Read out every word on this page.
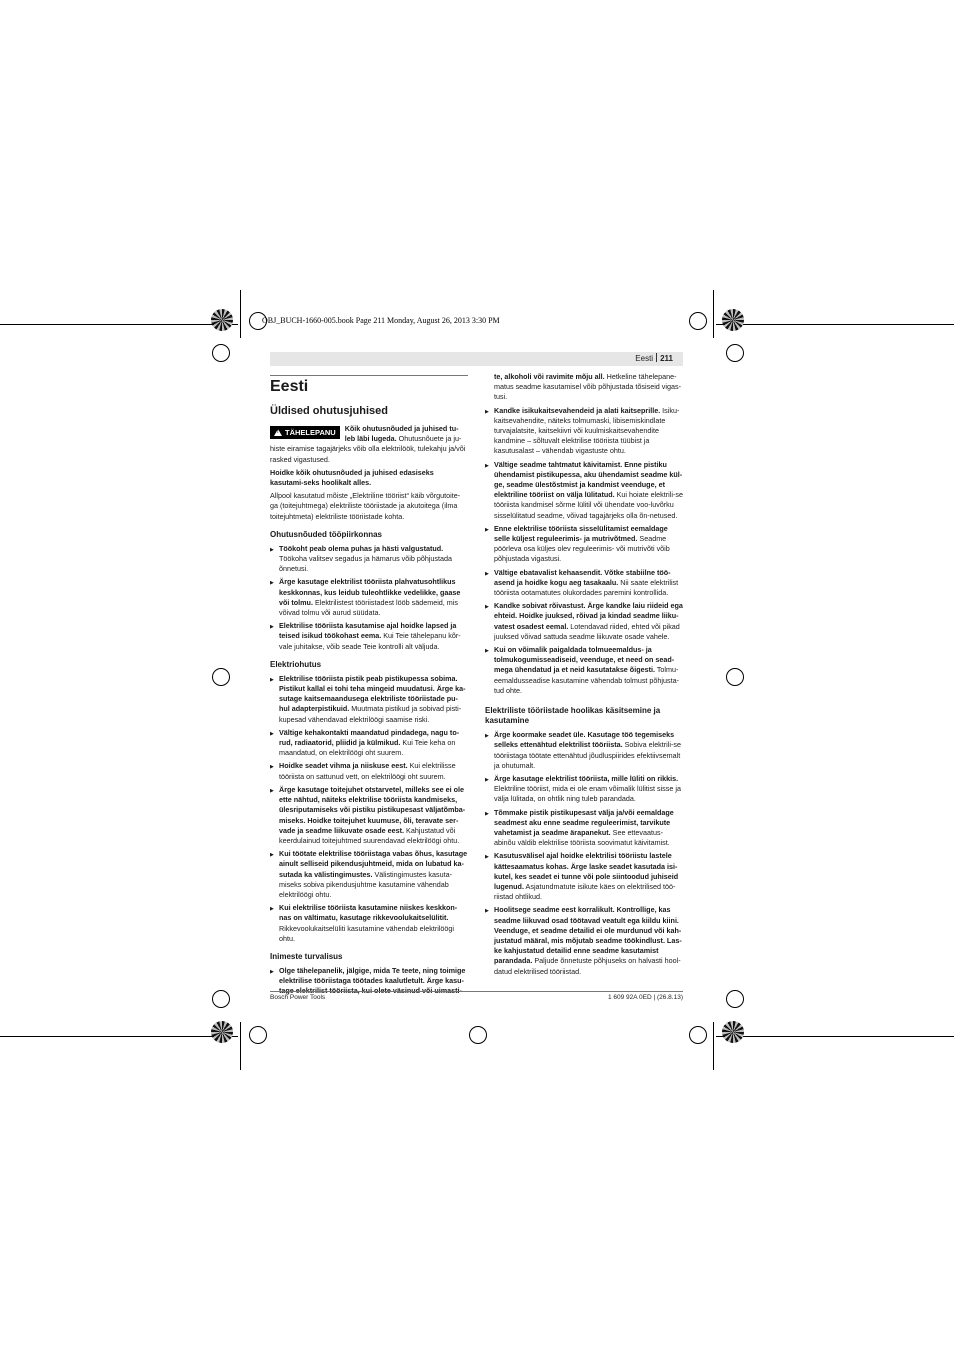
OBJ_BUCH-1660-005.book Page 211 Monday, August 26, 2013 3:30 PM
Eesti 211
Eesti
Üldised ohutusjuhised

!TÄHELEPANU	Kõik ohutusnõuded ja juhised tu-leb läbi lugeda. Ohutusnõuete ja ju-histe eiramise tagajärjeks võib olla elektrilöök, tulekahju ja/või rasked vigastused.

Hoidke kõik ohutusnõuded ja juhised edasiseks kasutami-seks hoolikalt alles.

Allpool kasutatud mõiste „Elektriline tööriist“ käib võrgutoite-ga (toitejuhtmega) elektriliste tööriistade ja akutoitega (ilma toitejuhtmeta) elektriliste tööriistade kohta.

Ohutusnõuded tööpiirkonnas
▶ Töökoht peab olema puhas ja hästi valgustatud. Töökoha valitsev segadus ja hämarus võib põhjustada õnnetusi.
▶ Ärge kasutage elektrilist tööriista plahvatusohtlikus keskkonnas, kus leidub tuleohtlikke vedelikke, gaase või tolmu. Elektrilistest tööriistadest lööb sädemeid, mis võivad tolmu või aurud süüdata.
▶ Elektrilise tööriista kasutamise ajal hoidke lapsed ja teised isikud töökohast eema. Kui Teie tähelepanu kõr-vale juhitakse, võib seade Teie kontrolli alt väljuda.
Elektriohutus
▶ Elektrilise tööriista pistik peab pistikupessa sobima. Pistikut kallal ei tohi teha mingeid muudatusi. Ärge ka-sutage kaitsemaandusega elektriliste tööriistade pu-hul adapterpistikuid. Muutmata pistikud ja sobivad pisti-kupesad vähendavad elektrilöögi saamise riski.
▶ Vältige kehakontakti maandatud pindadega, nagu to-rud, radiaatorid, pliidid ja külmikud. Kui Teie keha on maandatud, on elektrilöögi oht suurem.
▶ Hoidke seadet vihma ja niiskuse eest. Kui elektrilisse tööriista on sattunud vett, on elektrilöögi oht suurem.
▶ Ärge kasutage toitejuhet otstarvetel, milleks see ei ole ette nähtud, näiteks elektrilise tööriista kandmiseks, ülesriputamiseks või pistiku pistikupesast väljatõmba-miseks. Hoidke toitejuhet kuumuse, õli, teravate ser-vade ja seadme liikuvate osade eest. Kahjustatud või keerdulainud toitejuhtmed suurendavad elektrilöögi ohtu.
▶ Kui töötate elektrilise tööriistaga vabas õhus, kasutage ainult selliseid pikendusjuhtmeid, mida on lubatud ka-sutada ka välistingimustes. Välistingimustes kasuta-miseks sobiva pikendusjuhtme kasutamine vähendab elektrilöögi ohtu.
▶ Kui elektrilise tööriista kasutamine niiskes keskkon-nas on vältimatu, kasutage rikkevoolukaitselülitit. Rikkevoolukaitselüliti kasutamine vähendab elektrilöögi ohtu.
Inimeste turvalisus
▶ Olge tähelepanelik, jälgige, mida Te teete, ning toimige elektrilise tööriistaga töötades kaalutletult. Ärge kasu-

te, alkoholi või ravimite mõju all. Hetkeline tähelepane-matus seadme kasutamisel võib põhjustada tõsiseid vigas-tusi.

▶ Kandke isikukaitsevahendeid ja alati kaitseprille. Isiku-kaitsevahendite, näiteks tolmumaski, libisemiskindlate turvajalatsite, kaitsekiivri või kuulmiskaitsevahendite kandmine – sõltuvalt elektrilise tööriista tüübist ja kasutusalast – vähendab vigastuste ohtu.
▶ Vältige seadme tahtmatut käivitamist. Enne pistiku ühendamist pistikupessa, aku ühendamist seadme kül-ge, seadme ülestõstmist ja kandmist veenduge, et elektriline tööriist on välja lülitatud. Kui hoiate elektrili-se tööriista kandmisel sõrme lülitil või ühendate voo-luvõrku sisselülitatud seadme, võivad tagajärjeks olla õn-netused.
▶ Enne elektrilise tööriista sisselülitamist eemaldage selle küljest reguleerimis- ja mutrivõtmed. Seadme pöörleva osa küljes olev reguleerimis- või mutrivõti võib põhjustada vigastusi.
▶ Vältige ebatavalist kehaasendit. Võtke stabiilne töö-asend ja hoidke kogu aeg tasakaalu. Nii saate elektrilist tööriista ootamatutes olukordades paremini kontrollida.
▶ Kandke sobivat rõivastust. Ärge kandke laiu riideid ega ehteid. Hoidke juuksed, rõivad ja kindad seadme liiku-vatest osadest eemal. Lotendavad riided, ehted või pikad juuksed võivad sattuda seadme liikuvate osade vahele.
▶ Kui on võimalik paigaldada tolmueemaldus- ja tolmukogumisseadiseid, veenduge, et need on sead-mega ühendatud ja et neid kasutatakse õigesti. Tolmu-eemaldusseadise kasutamine vähendab tolmust põhjusta-tud ohte.
Elektriliste tööriistade hoolikas käsitsemine ja kasutamine
▶ Ärge koormake seadet üle. Kasutage töö tegemiseks selleks ettenähtud elektrilist tööriista. Sobiva elektrili-se tööriistaga töötate ettenähtud jõudluspiirides efektiivsemalt ja ohutumalt.
▶ Ärge kasutage elektrilist tööriista, mille lüliti on rikkis. Elektriline tööriist, mida ei ole enam võimalik lülitist sisse ja välja lülitada, on ohtlik ning tuleb parandada.
▶ Tõmmake pistik pistikupesast välja ja/või eemaldage seadmest aku enne seadme reguleerimist, tarvikute vahetamist ja seadme ärapanekut. See ettevaatus-abinõu väldib elektrilise tööriista soovimatut käivitamist.
▶ Kasutusvälisel ajal hoidke elektrilisi tööriistu lastele kättesaamatus kohas. Ärge laske seadet kasutada isi-kutel, kes seadet ei tunne või pole siintoodud juhiseid lugenud. Asjatundmatute isikute käes on elektrilised töö-riistad ohtlikud.
▶ Hoolitsege seadme eest korralikult. Kontrollige, kas seadme liikuvad osad töötavad veatult ega kiildu kiini. Veenduge, et seadme detailid ei ole murdunud või kah-justatud määral, mis mõjutab seadme töökindlust. Las-ke kahjustatud detailid enne seadme kasutamist parandada. Paljude õnnetuste põhjuseks on halvasti hool-datud elektrilised tööriistad.
Bosch Power Tools	1 609 92A 0ED | (26.8.13)
